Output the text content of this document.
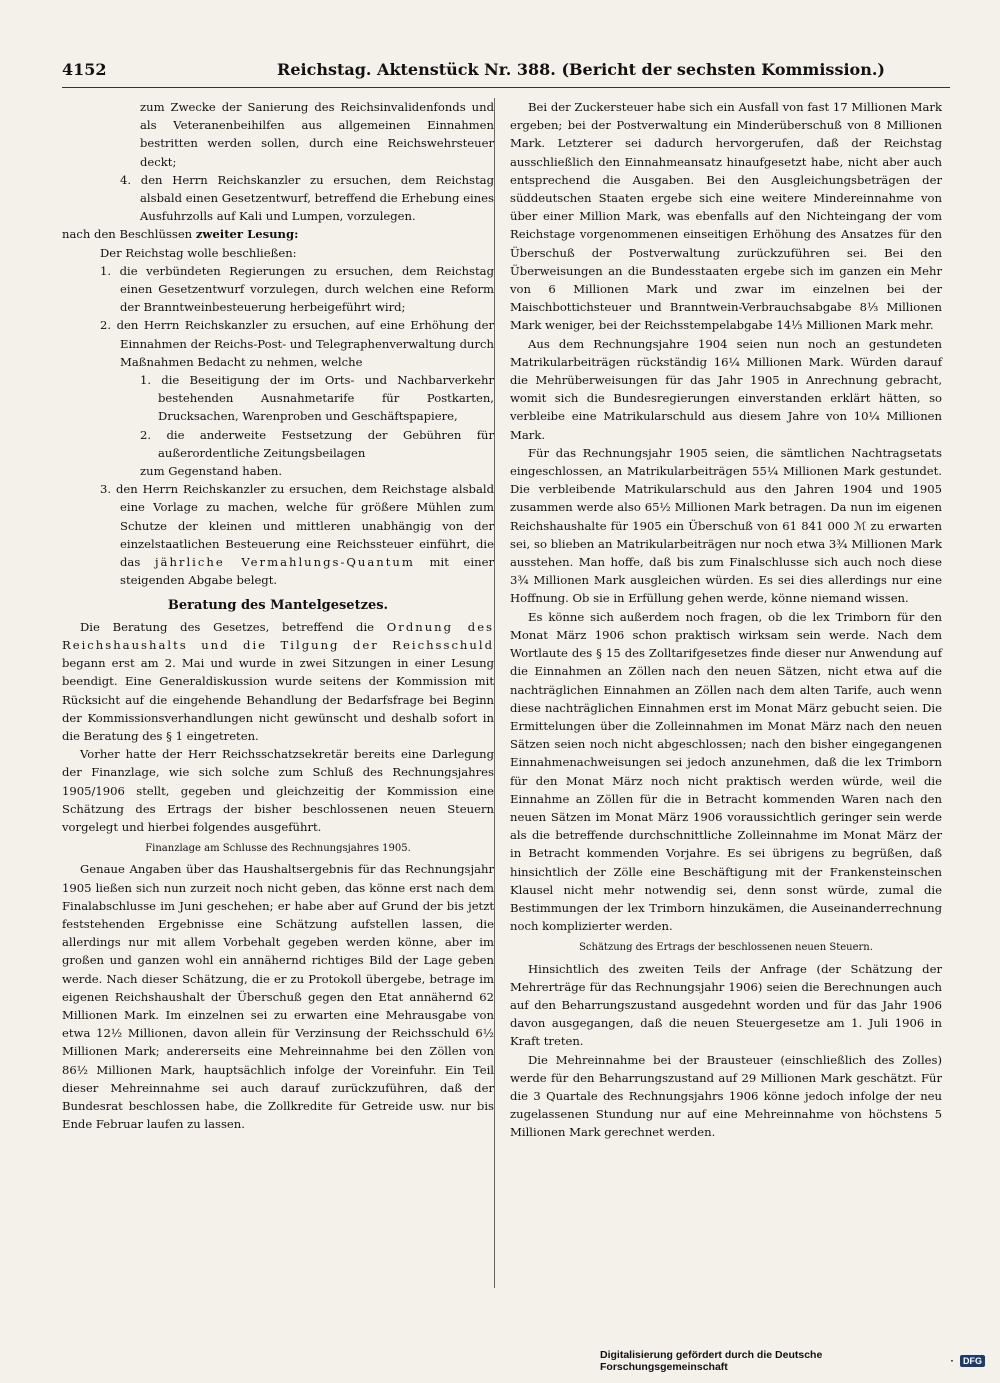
4152	Reichstag. Aktenstück Nr. 388. (Bericht der sechsten Kommission.)

zum Zwecke der Sanierung des Reichsinvalidenfonds und als Veteranenbeihilfen aus allgemeinen Einnahmen bestritten werden sollen, durch eine Reichswehrsteuer deckt;

4. den Herrn Reichskanzler zu ersuchen, dem Reichstag alsbald einen Gesetzentwurf, betreffend die Erhebung eines Ausfuhrzolls auf Kali und Lumpen, vorzulegen.

nach den Beschlüssen zweiter Lesung:

Der Reichstag wolle beschließen:

1. die verbündeten Regierungen zu ersuchen, dem Reichstag einen Gesetzentwurf vorzulegen, durch welchen eine Reform der Branntweinbesteuerung herbeigeführt wird;

2. den Herrn Reichskanzler zu ersuchen, auf eine Erhöhung der Einnahmen der Reichs-Post- und Telegraphenverwaltung durch Maßnahmen Bedacht zu nehmen, welche

1. die Beseitigung der im Orts- und Nachbarverkehr bestehenden Ausnahmetarife für Postkarten, Drucksachen, Warenproben und Geschäftspapiere,

2. die anderweite Festsetzung der Gebühren für außerordentliche Zeitungsbeilagen

zum Gegenstand haben.

3. den Herrn Reichskanzler zu ersuchen, dem Reichstage alsbald eine Vorlage zu machen, welche für größere Mühlen zum Schutze der kleinen und mittleren unabhängig von der einzelstaatlichen Besteuerung eine Reichssteuer einführt, die das jährliche Vermahlungs-Quantum mit einer steigenden Abgabe belegt.

Beratung des Mantelgesetzes.

Die Beratung des Gesetzes, betreffend die Ordnung des Reichshaushalts und die Tilgung der Reichsschuld begann erst am 2. Mai und wurde in zwei Sitzungen in einer Lesung beendigt. Eine Generaldiskussion wurde seitens der Kommission mit Rücksicht auf die eingehende Behandlung der Bedarfsfrage bei Beginn der Kommissionsverhandlungen nicht gewünscht und deshalb sofort in die Beratung des § 1 eingetreten.

Vorher hatte der Herr Reichsschatzsekretär bereits eine Darlegung der Finanzlage, wie sich solche zum Schluß des Rechnungsjahres 1905/1906 stellt, gegeben und gleichzeitig der Kommission eine Schätzung des Ertrags der bisher beschlossenen neuen Steuern vorgelegt und hierbei folgendes ausgeführt.

Finanzlage am Schlusse des Rechnungsjahres 1905.

Genaue Angaben über das Haushaltsergebnis für das Rechnungsjahr 1905 ließen sich nun zurzeit noch nicht geben, das könne erst nach dem Finalabschlusse im Juni geschehen; er habe aber auf Grund der bis jetzt feststehenden Ergebnisse eine Schätzung aufstellen lassen, die allerdings nur mit allem Vorbehalt gegeben werden könne, aber im großen und ganzen wohl ein annähernd richtiges Bild der Lage geben werde. Nach dieser Schätzung, die er zu Protokoll übergebe, betrage im eigenen Reichshaushalt der Überschuß gegen den Etat annähernd 62 Millionen Mark. Im einzelnen sei zu erwarten eine Mehrausgabe von etwa 12½ Millionen, davon allein für Verzinsung der Reichsschuld 6½ Millionen Mark; andererseits eine Mehreinnahme bei den Zöllen von 86½ Millionen Mark, hauptsächlich infolge der Voreinfuhr. Ein Teil dieser Mehreinnahme sei auch darauf zurückzuführen, daß der Bundesrat beschlossen habe, die Zollkredite für Getreide usw. nur bis Ende Februar laufen zu lassen.

Bei der Zuckersteuer habe sich ein Ausfall von fast 17 Millionen Mark ergeben; bei der Postverwaltung ein Minderüberschuß von 8 Millionen Mark. Letzterer sei dadurch hervorgerufen, daß der Reichstag ausschließlich den Einnahmeansatz hinaufgesetzt habe, nicht aber auch entsprechend die Ausgaben. Bei den Ausgleichungsbeträgen der süddeutschen Staaten ergebe sich eine weitere Mindereinnahme von über einer Million Mark, was ebenfalls auf den Nichteingang der vom Reichstage vorgenommenen einseitigen Erhöhung des Ansatzes für den Überschuß der Postverwaltung zurückzuführen sei. Bei den Überweisungen an die Bundesstaaten ergebe sich im ganzen ein Mehr von 6 Millionen Mark und zwar im einzelnen bei der Maischbottichsteuer und Branntwein-Verbrauchsabgabe 8⅓ Millionen Mark weniger, bei der Reichsstempelabgabe 14⅓ Millionen Mark mehr.

Aus dem Rechnungsjahre 1904 seien nun noch an gestundeten Matrikularbeiträgen rückständig 16¼ Millionen Mark. Würden darauf die Mehrüberweisungen für das Jahr 1905 in Anrechnung gebracht, womit sich die Bundesregierungen einverstanden erklärt hätten, so verbleibe eine Matrikularschuld aus diesem Jahre von 10¼ Millionen Mark.

Für das Rechnungsjahr 1905 seien, die sämtlichen Nachtragsetats eingeschlossen, an Matrikularbeiträgen 55¼ Millionen Mark gestundet. Die verbleibende Matrikularschuld aus den Jahren 1904 und 1905 zusammen werde also 65½ Millionen Mark betragen. Da nun im eigenen Reichshaushalte für 1905 ein Überschuß von 61 841 000 ℳ zu erwarten sei, so blieben an Matrikularbeiträgen nur noch etwa 3¾ Millionen Mark ausstehen. Man hoffe, daß bis zum Finalschlusse sich auch noch diese 3¾ Millionen Mark ausgleichen würden. Es sei dies allerdings nur eine Hoffnung. Ob sie in Erfüllung gehen werde, könne niemand wissen.

Es könne sich außerdem noch fragen, ob die lex Trimborn für den Monat März 1906 schon praktisch wirksam sein werde. Nach dem Wortlaute des § 15 des Zolltarifgesetzes finde dieser nur Anwendung auf die Einnahmen an Zöllen nach den neuen Sätzen, nicht etwa auf die nachträglichen Einnahmen an Zöllen nach dem alten Tarife, auch wenn diese nachträglichen Einnahmen erst im Monat März gebucht seien. Die Ermittelungen über die Zolleinnahmen im Monat März nach den neuen Sätzen seien noch nicht abgeschlossen; nach den bisher eingegangenen Einnahmenachweisungen sei jedoch anzunehmen, daß die lex Trimborn für den Monat März noch nicht praktisch werden würde, weil die Einnahme an Zöllen für die in Betracht kommenden Waren nach den neuen Sätzen im Monat März 1906 voraussichtlich geringer sein werde als die betreffende durchschnittliche Zolleinnahme im Monat März der in Betracht kommenden Vorjahre. Es sei übrigens zu begrüßen, daß hinsichtlich der Zölle eine Beschäftigung mit der Frankensteinschen Klausel nicht mehr notwendig sei, denn sonst würde, zumal die Bestimmungen der lex Trimborn hinzukämen, die Auseinanderrechnung noch komplizierter werden.

Schätzung des Ertrags der beschlossenen neuen Steuern.

Hinsichtlich des zweiten Teils der Anfrage (der Schätzung der Mehrerträge für das Rechnungsjahr 1906) seien die Berechnungen auch auf den Beharrungszustand ausgedehnt worden und für das Jahr 1906 davon ausgegangen, daß die neuen Steuergesetze am 1. Juli 1906 in Kraft treten.

Die Mehreinnahme bei der Brausteuer (einschließlich des Zolles) werde für den Beharrungszustand auf 29 Millionen Mark geschätzt. Für die 3 Quartale des Rechnungsjahrs 1906 könne jedoch infolge der neu zugelassenen Stundung nur auf eine Mehreinnahme von höchstens 5 Millionen Mark gerechnet werden.

Digitalisierung gefördert durch die Deutsche Forschungsgemeinschaft	·	DFG
